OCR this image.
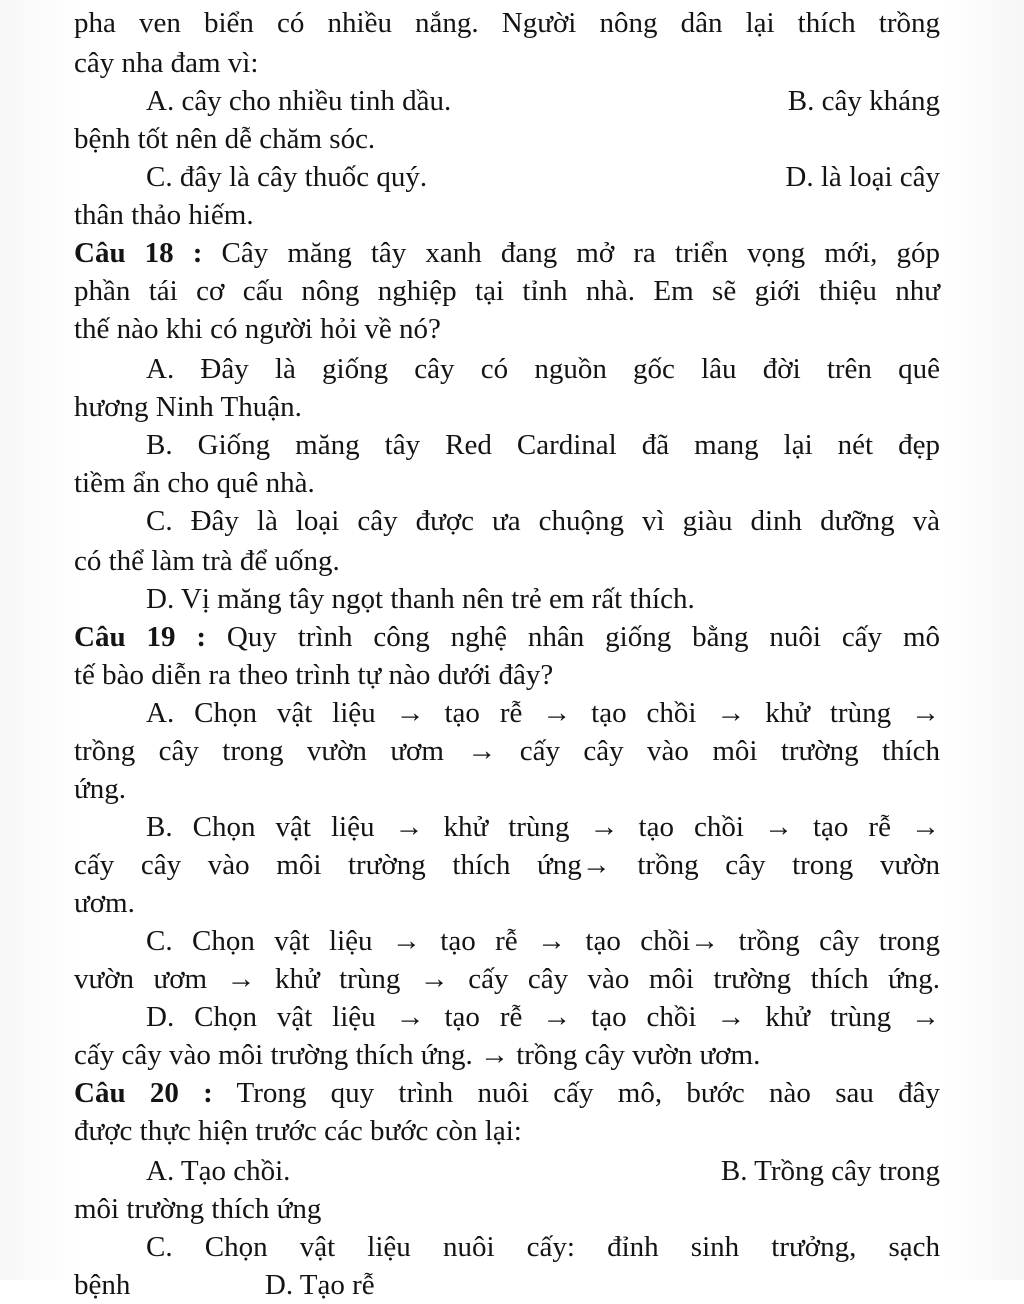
pha ven biển có nhiều nắng. Người nông dân lại thích trồng
cây nha đam vì:
A. cây cho nhiều tinh dầu.	B. cây kháng
bệnh tốt nên dễ chăm sóc.
C. đây là cây thuốc quý.	D. là loại cây
thân thảo hiếm.
Câu 18 : Cây măng tây xanh đang mở ra triển vọng mới, góp
phần tái cơ cấu nông nghiệp tại tỉnh nhà. Em sẽ giới thiệu như
thế nào khi có người hỏi về nó?
A. Đây là giống cây có nguồn gốc lâu đời trên quê
hương Ninh Thuận.
B. Giống măng tây Red Cardinal đã mang lại nét đẹp
tiềm ẩn cho quê nhà.
C. Đây là loại cây được ưa chuộng vì giàu dinh dưỡng và
có thể làm trà để uống.
D. Vị măng tây ngọt thanh nên trẻ em rất thích.
Câu 19 : Quy trình công nghệ nhân giống bằng nuôi cấy mô
tế bào diễn ra theo trình tự nào dưới đây?
A. Chọn vật liệu → tạo rễ → tạo chồi → khử trùng →
trồng cây trong vườn ươm → cấy cây vào môi trường thích
ứng.
B. Chọn vật liệu → khử trùng → tạo chồi → tạo rễ →
cấy cây vào môi trường thích ứng→ trồng cây trong vườn
ươm.
C. Chọn vật liệu → tạo rễ → tạo chồi→ trồng cây trong
vườn ươm → khử trùng → cấy cây vào môi trường thích ứng.
D. Chọn vật liệu → tạo rễ → tạo chồi → khử trùng →
cấy cây vào môi trường thích ứng. → trồng cây vườn ươm.
Câu 20 : Trong quy trình nuôi cấy mô, bước nào sau đây
được thực hiện trước các bước còn lại:
A. Tạo chồi.	B. Trồng cây trong
môi trường thích ứng
C. Chọn vật liệu nuôi cấy: đỉnh sinh trưởng, sạch
bệnh	D. Tạo rễ
